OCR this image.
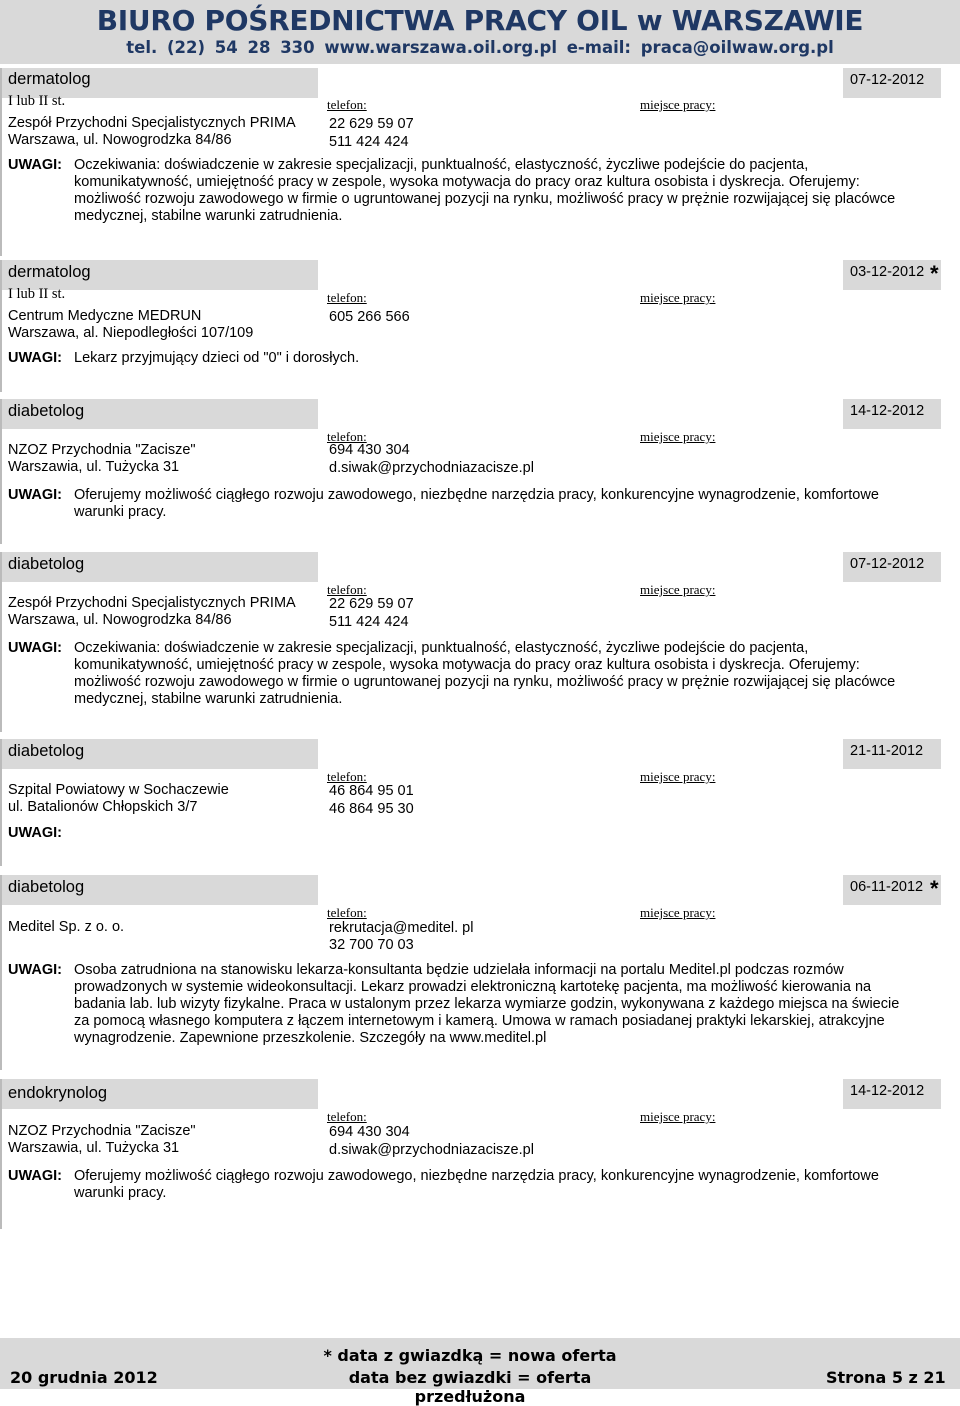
BIURO POŚREDNICTWA PRACY OIL w WARSZAWIE
tel. (22) 54 28 330 www.warszawa.oil.org.pl e-mail: praca@oilwaw.org.pl
dermatolog	07-12-2012
I lub II st.	telefon:	miejsce pracy:
Zespół Przychodni Specjalistycznych PRIMA
Warszawa, ul. Nowogrodzka 84/86
22 629 59 07
511 424 424
UWAGI: Oczekiwania: doświadczenie w zakresie specjalizacji, punktualność, elastyczność, życzliwe podejście do pacjenta, komunikatywność, umiejętność pracy w zespole, wysoka motywacja do pracy oraz kultura osobista i dyskrecja. Oferujemy: możliwość rozwoju zawodowego w firmie o ugruntowanej pozycji na rynku, możliwość pracy w prężnie rozwijającej się placówce medycznej, stabilne warunki zatrudnienia.
dermatolog	03-12-2012 *
I lub II st.	telefon:	miejsce pracy:
Centrum Medyczne MEDRUN
Warszawa, al. Niepodległości 107/109
605 266 566
UWAGI: Lekarz przyjmujący dzieci od "0" i dorosłych.
diabetolog	14-12-2012
telefon:	miejsce pracy:
NZOZ Przychodnia "Zacisze"
Warszawia, ul. Tużycka 31
694 430 304
d.siwak@przychodniazacisze.pl
UWAGI: Oferujemy możliwość ciągłego rozwoju zawodowego, niezbędne narzędzia pracy, konkurencyjne wynagrodzenie, komfortowe warunki pracy.
diabetolog	07-12-2012
telefon:	miejsce pracy:
Zespół Przychodni Specjalistycznych PRIMA
Warszawa, ul. Nowogrodzka 84/86
22 629 59 07
511 424 424
UWAGI: Oczekiwania: doświadczenie w zakresie specjalizacji, punktualność, elastyczność, życzliwe podejście do pacjenta, komunikatywność, umiejętność pracy w zespole, wysoka motywacja do pracy oraz kultura osobista i dyskrecja. Oferujemy: możliwość rozwoju zawodowego w firmie o ugruntowanej pozycji na rynku, możliwość pracy w prężnie rozwijającej się placówce medycznej, stabilne warunki zatrudnienia.
diabetolog	21-11-2012
telefon:	miejsce pracy:
Szpital Powiatowy w Sochaczewie
ul. Batalionów Chłopskich 3/7
46 864 95 01
46 864 95 30
UWAGI:
diabetolog	06-11-2012 *
telefon:	miejsce pracy:
Meditel Sp. z o. o.	rekrutacja@meditel. pl
32 700 70 03
UWAGI: Osoba zatrudniona na stanowisku lekarza-konsultanta będzie udzielała informacji na portalu Meditel.pl podczas rozmów prowadzonych w systemie wideokonsultacji. Lekarz prowadzi elektroniczną kartotekę pacjenta, ma możliwość kierowania na badania lab. lub wizyty fizykalne. Praca w ustalonym przez lekarza wymiarze godzin, wykonywana z każdego miejsca na świecie za pomocą własnego komputera z łączem internetowym i kamerą. Umowa w ramach posiadanej praktyki lekarskiej, atrakcyjne wynagrodzenie. Zapewnione przeszkolenie. Szczegóły na www.meditel.pl
endokrynolog	14-12-2012
telefon:	miejsce pracy:
NZOZ Przychodnia "Zacisze"
Warszawia, ul. Tużycka 31
694 430 304
d.siwak@przychodniazacisze.pl
UWAGI: Oferujemy możliwość ciągłego rozwoju zawodowego, niezbędne narzędzia pracy, konkurencyjne wynagrodzenie, komfortowe warunki pracy.
20 grudnia 2012
* data z gwiazdką = nowa oferta
data bez gwiazdki = oferta przedłużona
Strona 5 z 21
